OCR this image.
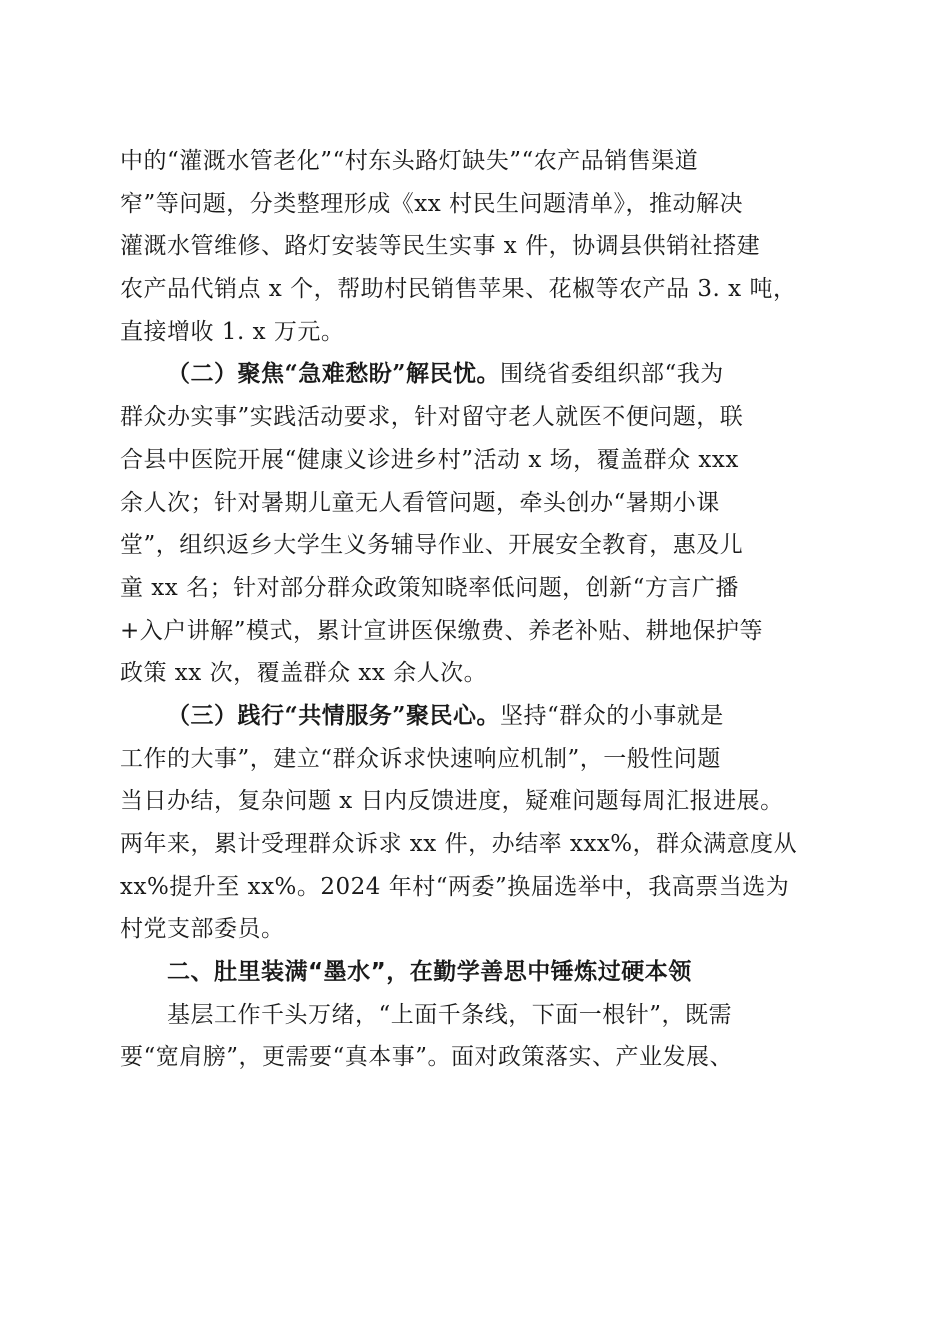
中的“灌溉水管老化”“村东头路灯缺失”“农产品销售渠道
窄”等问题，分类整理形成《xx 村民生问题清单》，推动解决
灌溉水管维修、路灯安装等民生实事 x 件，协调县供销社搭建
农产品代销点 x 个，帮助村民销售苹果、花椒等农产品 3. x 吨，
直接增收 1. x 万元。
（二）聚焦“急难愁盼”解民忧。围绕省委组织部“我为
群众办实事”实践活动要求，针对留守老人就医不便问题，联
合县中医院开展“健康义诊进乡村”活动 x 场，覆盖群众 xxx
余人次；针对暑期儿童无人看管问题，牵头创办“暑期小课
堂”，组织返乡大学生义务辅导作业、开展安全教育，惠及儿
童 xx 名；针对部分群众政策知晓率低问题，创新“方言广播
+入户讲解”模式，累计宣讲医保缴费、养老补贴、耕地保护等
政策 xx 次，覆盖群众 xx 余人次。
（三）践行“共情服务”聚民心。坚持“群众的小事就是
工作的大事”，建立“群众诉求快速响应机制”，一般性问题
当日办结，复杂问题 x 日内反馈进度，疑难问题每周汇报进展。
两年来，累计受理群众诉求 xx 件，办结率 xxx%，群众满意度从
xx%提升至 xx%。2024 年村“两委”换届选举中，我高票当选为
村党支部委员。
二、肚里装满“墨水”，在勤学善思中锤炼过硬本领
基层工作千头万绪，“上面千条线，下面一根针”，既需
要“宽肩膀”，更需要“真本事”。面对政策落实、产业发展、
